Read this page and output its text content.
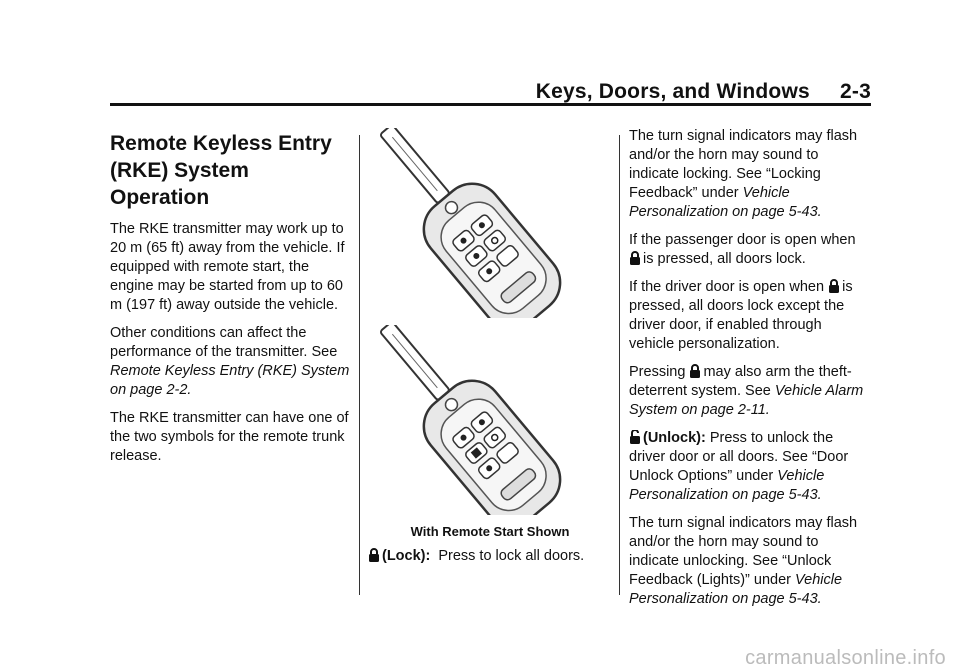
Keys, Doors, and Windows 2-3
Remote Keyless Entry
(RKE) System Operation

The RKE transmitter may work up to 20 m (65 ft) away from the vehicle. If equipped with remote start, the engine may be started from up to 60 m (197 ft) away outside the vehicle.

Other conditions can affect the performance of the transmitter. See Remote Keyless Entry (RKE) System on page 2-2.

The RKE transmitter can have one of the two symbols for the remote trunk release.

With Remote Start Shown
(Lock): Press to lock all doors.

The turn signal indicators may flash and/or the horn may sound to indicate locking. See “Locking Feedback” under Vehicle Personalization on page 5-43.

If the passenger door is open when
is pressed, all doors lock.

If the driver door is open when is pressed, all doors lock except the driver door, if enabled through vehicle personalization.

Pressing may also arm the theft-deterrent system. See Vehicle Alarm System on page 2-11.

(Unlock): Press to unlock the driver door or all doors. See “Door Unlock Options” under Vehicle Personalization on page 5-43.

The turn signal indicators may flash and/or the horn may sound to indicate unlocking. See “Unlock Feedback (Lights)” under Vehicle Personalization on page 5-43.

carmanualsonline.info
